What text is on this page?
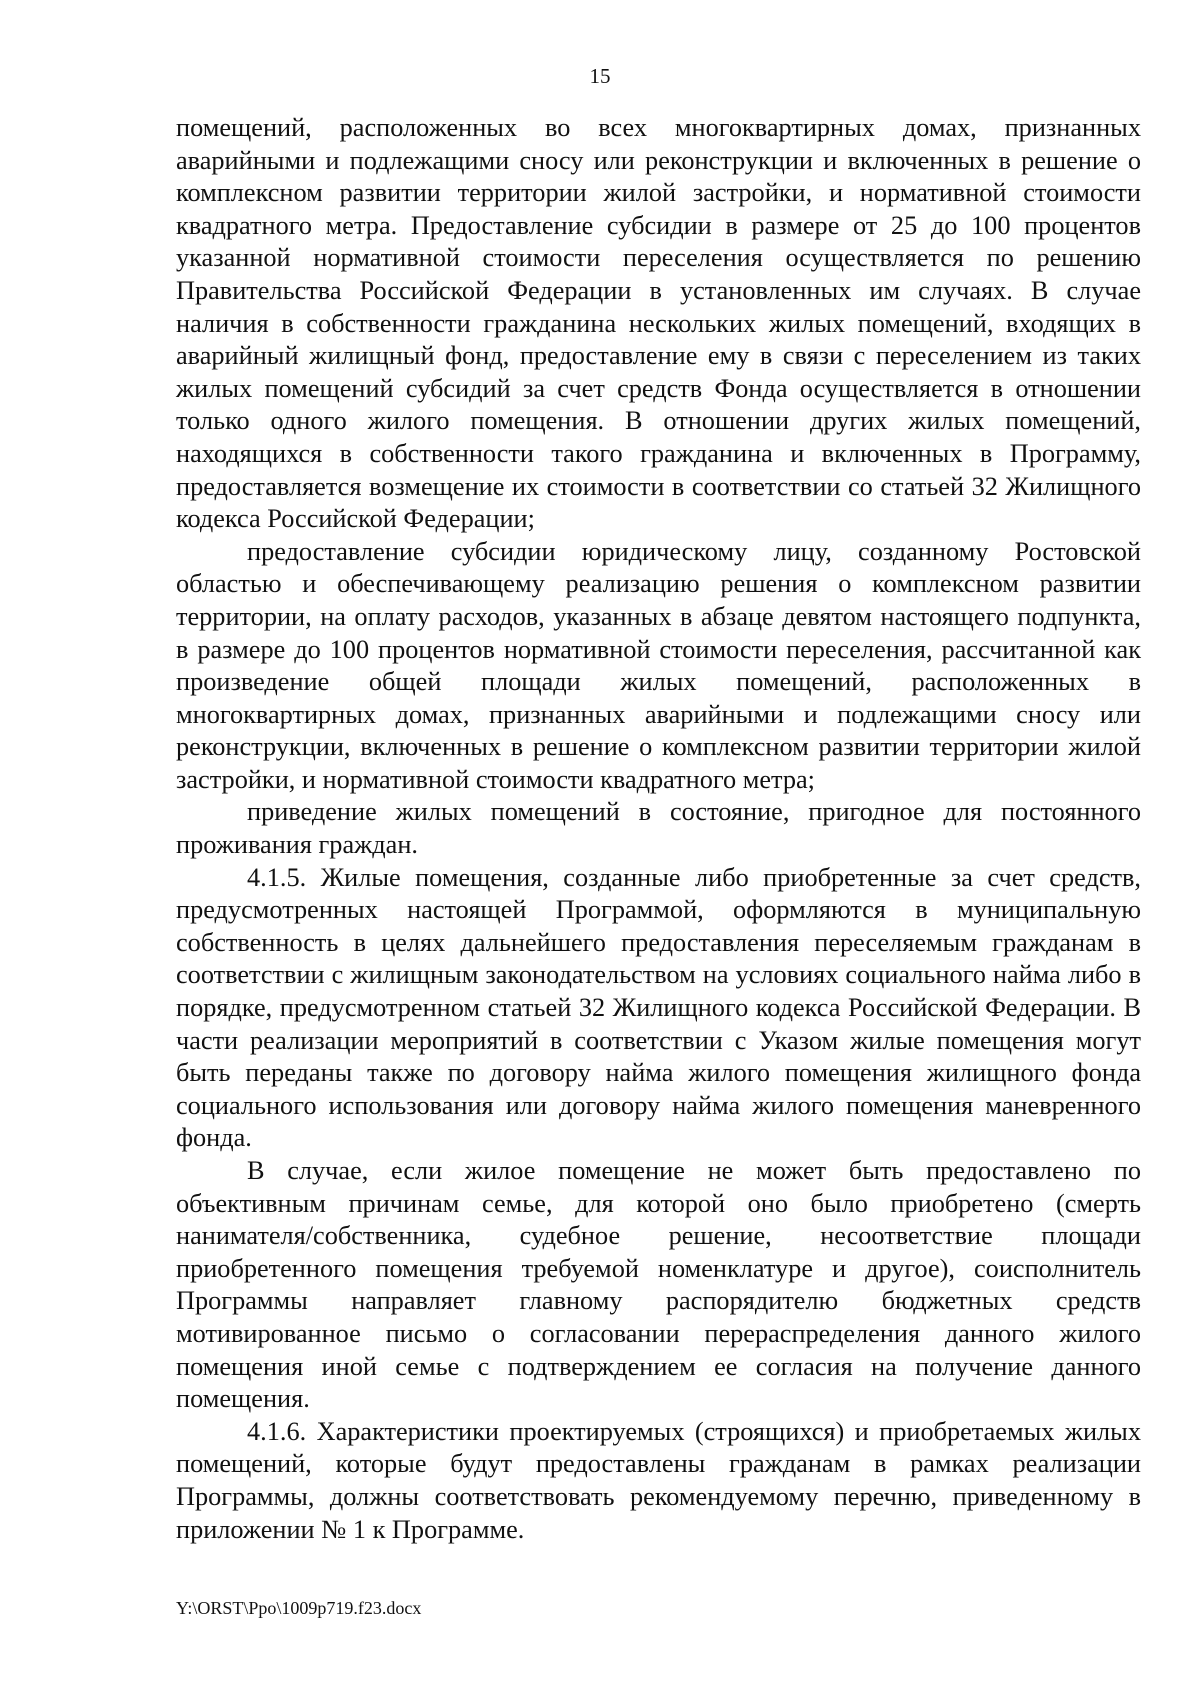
15

помещений, расположенных во всех многоквартирных домах, признанных аварийными и подлежащими сносу или реконструкции и включенных в решение о комплексном развитии территории жилой застройки, и нормативной стоимости квадратного метра. Предоставление субсидии в размере от 25 до 100 процентов указанной нормативной стоимости переселения осуществляется по решению Правительства Российской Федерации в установленных им случаях. В случае наличия в собственности гражданина нескольких жилых помещений, входящих в аварийный жилищный фонд, предоставление ему в связи с переселением из таких жилых помещений субсидий за счет средств Фонда осуществляется в отношении только одного жилого помещения. В отношении других жилых помещений, находящихся в собственности такого гражданина и включенных в Программу, предоставляется возмещение их стоимости в соответствии со статьей 32 Жилищного кодекса Российской Федерации;

предоставление субсидии юридическому лицу, созданному Ростовской областью и обеспечивающему реализацию решения о комплексном развитии территории, на оплату расходов, указанных в абзаце девятом настоящего подпункта, в размере до 100 процентов нормативной стоимости переселения, рассчитанной как произведение общей площади жилых помещений, расположенных в многоквартирных домах, признанных аварийными и подлежащими сносу или реконструкции, включенных в решение о комплексном развитии территории жилой застройки, и нормативной стоимости квадратного метра;

приведение жилых помещений в состояние, пригодное для постоянного проживания граждан.

4.1.5. Жилые помещения, созданные либо приобретенные за счет средств, предусмотренных настоящей Программой, оформляются в муниципальную собственность в целях дальнейшего предоставления переселяемым гражданам в соответствии с жилищным законодательством на условиях социального найма либо в порядке, предусмотренном статьей 32 Жилищного кодекса Российской Федерации. В части реализации мероприятий в соответствии с Указом жилые помещения могут быть переданы также по договору найма жилого помещения жилищного фонда социального использования или договору найма жилого помещения маневренного фонда.

В случае, если жилое помещение не может быть предоставлено по объективным причинам семье, для которой оно было приобретено (смерть нанимателя/собственника, судебное решение, несоответствие площади приобретенного помещения требуемой номенклатуре и другое), соисполнитель Программы направляет главному распорядителю бюджетных средств мотивированное письмо о согласовании перераспределения данного жилого помещения иной семье с подтверждением ее согласия на получение данного помещения.

4.1.6. Характеристики проектируемых (строящихся) и приобретаемых жилых помещений, которые будут предоставлены гражданам в рамках реализации Программы, должны соответствовать рекомендуемому перечню, приведенному в приложении № 1 к Программе.

Y:\ORST\Ppo\1009p719.f23.docx
